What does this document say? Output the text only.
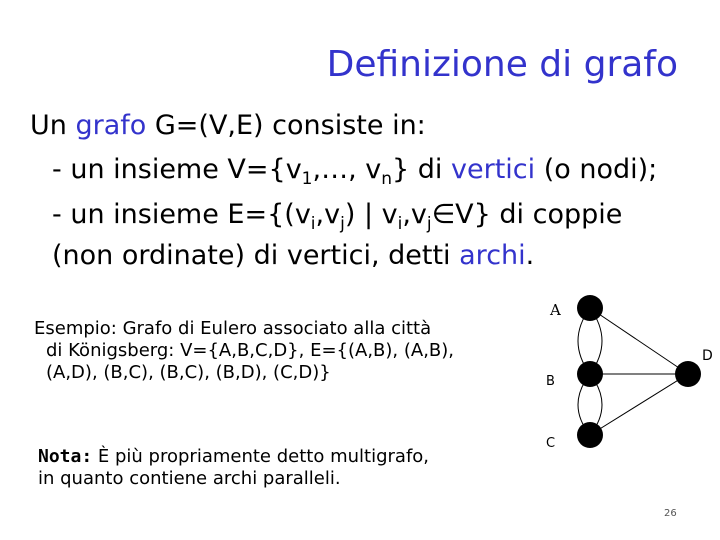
Definizione di grafo
Un grafo G=(V,E) consiste in:
- un insieme $V=\{v_1,\dots$, $v_n$} di vertici (o nodi);
- un insieme $E=\{(v_i,v_j)$ | $v_i,v_j\in V$} di coppie
(non ordinate) di vertici, detti archi.
Esempio: Grafo di Eulero associato alla città
di Königsberg: V={A,B,C,D}, E={(A,B), (A,B),
(A,D), (B,C), (B,C), (B,D), (C,D)}
Nota: È più propriamente detto multigrafo,
in quanto contiene archi paralleli.
A
B
C
D
26
